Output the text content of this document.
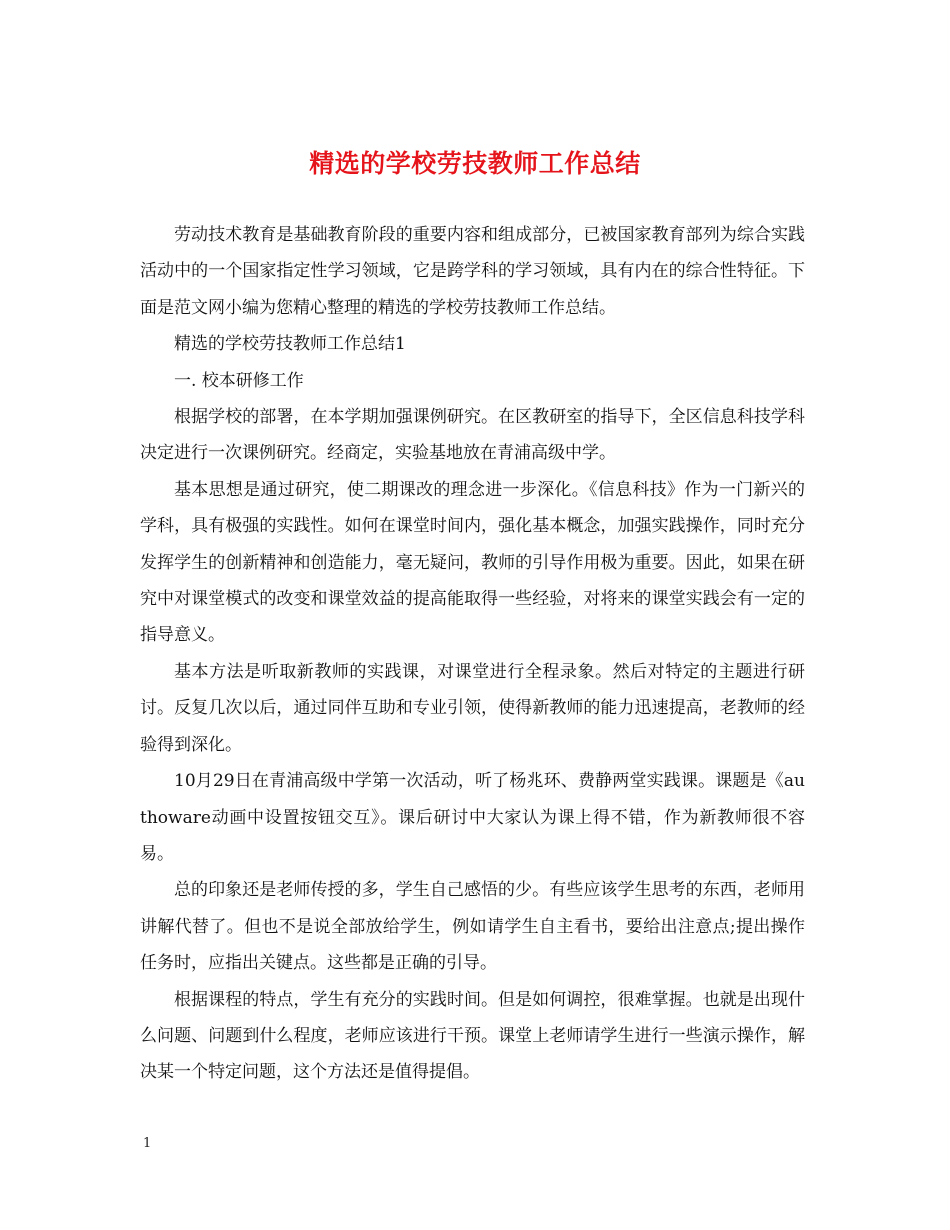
精选的学校劳技教师工作总结

劳动技术教育是基础教育阶段的重要内容和组成部分，已被国家教育部列为综合实践活动中的一个国家指定性学习领域，它是跨学科的学习领域，具有内在的综合性特征。下面是范文网小编为您精心整理的精选的学校劳技教师工作总结。

精选的学校劳技教师工作总结1

一. 校本研修工作

根据学校的部署，在本学期加强课例研究。在区教研室的指导下，全区信息科技学科决定进行一次课例研究。经商定，实验基地放在青浦高级中学。

基本思想是通过研究，使二期课改的理念进一步深化。《信息科技》作为一门新兴的学科，具有极强的实践性。如何在课堂时间内，强化基本概念，加强实践操作，同时充分发挥学生的创新精神和创造能力，毫无疑问，教师的引导作用极为重要。因此，如果在研究中对课堂模式的改变和课堂效益的提高能取得一些经验，对将来的课堂实践会有一定的指导意义。

基本方法是听取新教师的实践课，对课堂进行全程录象。然后对特定的主题进行研讨。反复几次以后，通过同伴互助和专业引领，使得新教师的能力迅速提高，老教师的经验得到深化。

10月29日在青浦高级中学第一次活动，听了杨兆环、费静两堂实践课。课题是《authoware动画中设置按钮交互》。课后研讨中大家认为课上得不错，作为新教师很不容易。

总的印象还是老师传授的多，学生自己感悟的少。有些应该学生思考的东西，老师用讲解代替了。但也不是说全部放给学生，例如请学生自主看书，要给出注意点;提出操作任务时，应指出关键点。这些都是正确的引导。

根据课程的特点，学生有充分的实践时间。但是如何调控，很难掌握。也就是出现什么问题、问题到什么程度，老师应该进行干预。课堂上老师请学生进行一些演示操作，解决某一个特定问题，这个方法还是值得提倡。

1
